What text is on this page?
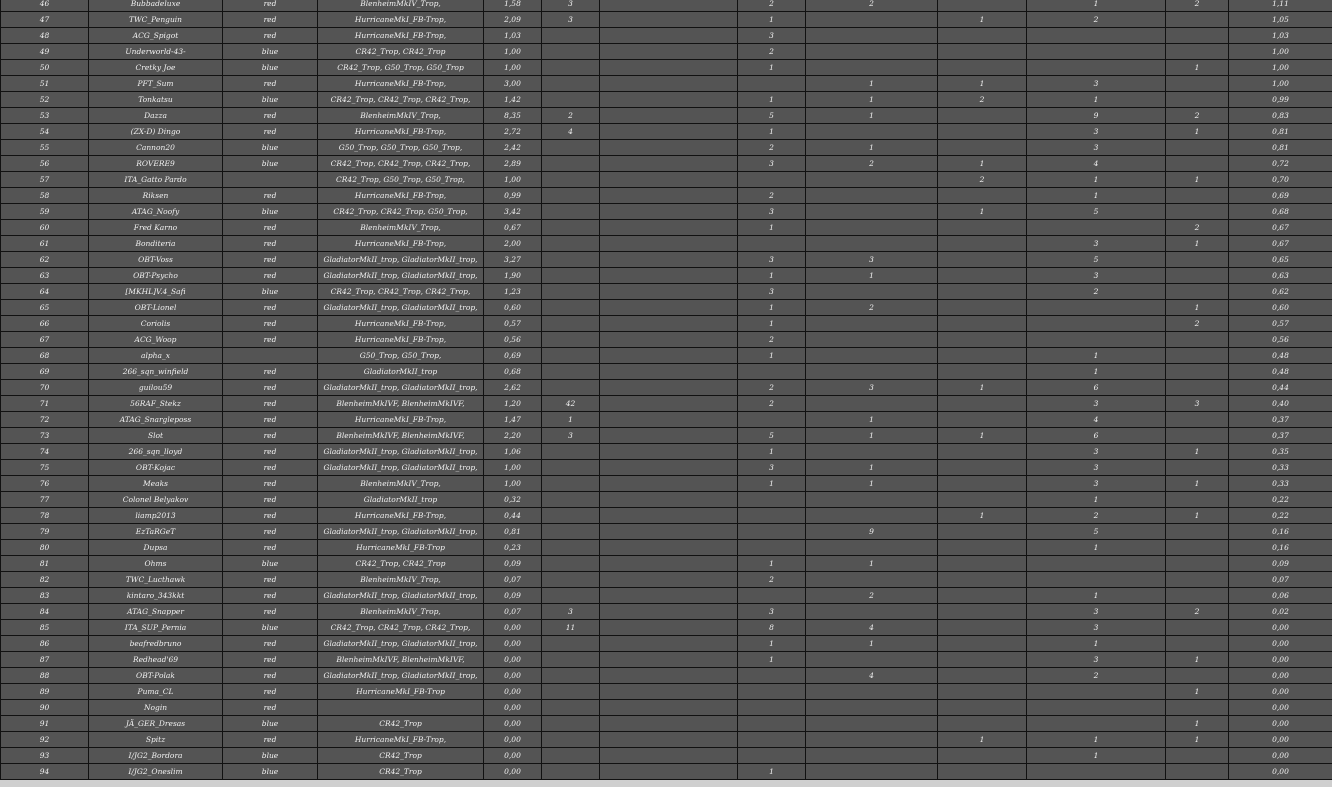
46	Bubbadeluxe	red	BlenheimMkIV_Trop,	1,58	3		2	2		1	2	1,11
47	TWC_Penguin	red	HurricaneMkI_FB-Trop,	2,09	3		1		1	2		1,05
48	ACG_Spigot	red	HurricaneMkI_FB-Trop,	1,03			3					1,03
49	Underworld-43-	blue	CR42_Trop, CR42_Trop	1,00			2					1,00
50	Cretky Joe	blue	CR42_Trop, G50_Trop, G50_Trop	1,00			1				1	1,00
51	PFT_Sum	red	HurricaneMkI_FB-Trop,	3,00				1	1	3		1,00
52	Tonkatsu	blue	CR42_Trop, CR42_Trop, CR42_Trop,	1,42			1	1	2	1		0,99
53	Dazza	red	BlenheimMkIV_Trop,	8,35	2		5	1		9	2	0,83
54	(ZX-D) Dingo	red	HurricaneMkI_FB-Trop,	2,72	4		1			3	1	0,81
55	Cannon20	blue	G50_Trop, G50_Trop, G50_Trop,	2,42			2	1		3		0,81
56	ROVERE9	blue	CR42_Trop, CR42_Trop, CR42_Trop,	2,89			3	2	1	4		0,72
57	ITA_Gatto Pardo		CR42_Trop, G50_Trop, G50_Trop,	1,00					2	1	1	0,70
58	Riksen	red	HurricaneMkI_FB-Trop,	0,99			2			1		0,69
59	ATAG_Noofy	blue	CR42_Trop, CR42_Trop, G50_Trop,	3,42			3		1	5		0,68
60	Fred Karno	red	BlenheimMkIV_Trop,	0,67			1				2	0,67
61	Bonditeria	red	HurricaneMkI_FB-Trop,	2,00						3	1	0,67
62	OBT-Voss	red	GladiatorMkII_trop, GladiatorMkII_trop,	3,27			3	3		5		0,65
63	OBT-Psycho	red	GladiatorMkII_trop, GladiatorMkII_trop,	1,90			1	1		3		0,63
64	[MKHL]V.4_Safi	blue	CR42_Trop, CR42_Trop, CR42_Trop,	1,23			3			2		0,62
65	OBT-Lionel	red	GladiatorMkII_trop, GladiatorMkII_trop,	0,60			1	2			1	0,60
66	Coriolis	red	HurricaneMkI_FB-Trop,	0,57			1				2	0,57
67	ACG_Woop	red	HurricaneMkI_FB-Trop,	0,56			2					0,56
68	alpha_x		G50_Trop, G50_Trop,	0,69			1			1		0,48
69	266_sqn_winfield	red	GladiatorMkII_trop	0,68						1		0,48
70	guilou59	red	GladiatorMkII_trop, GladiatorMkII_trop,	2,62			2	3	1	6		0,44
71	56RAF_Stekz	red	BlenheimMkIVF, BlenheimMkIVF,	1,20	42		2			3	3	0,40
72	ATAG_Snargleposs	red	HurricaneMkI_FB-Trop,	1,47	1			1		4		0,37
73	Slot	red	BlenheimMkIVF, BlenheimMkIVF,	2,20	3		5	1	1	6		0,37
74	266_sqn_lloyd	red	GladiatorMkII_trop, GladiatorMkII_trop,	1,06			1			3	1	0,35
75	OBT-Kojac	red	GladiatorMkII_trop, GladiatorMkII_trop,	1,00			3	1		3		0,33
76	Meaks	red	BlenheimMkIV_Trop,	1,00			1	1		3	1	0,33
77	Colonel Belyakov	red	GladiatorMkII_trop	0,32						1		0,22
78	liamp2013	red	HurricaneMkI_FB-Trop,	0,44					1	2	1	0,22
79	EzTaRGeT	red	GladiatorMkII_trop, GladiatorMkII_trop,	0,81				9		5		0,16
80	Dupsa	red	HurricaneMkI_FB-Trop	0,23						1		0,16
81	Ohms	blue	CR42_Trop, CR42_Trop	0,09			1	1				0,09
82	TWC_Lucthawk	red	BlenheimMkIV_Trop,	0,07			2					0,07
83	kintaro_343kkt	red	GladiatorMkII_trop, GladiatorMkII_trop,	0,09				2		1		0,06
84	ATAG_Snapper	red	BlenheimMkIV_Trop,	0,07	3		3			3	2	0,02
85	ITA_SUP_Pernia	blue	CR42_Trop, CR42_Trop, CR42_Trop,	0,00	11		8	4		3		0,00
86	beafredbruno	red	GladiatorMkII_trop, GladiatorMkII_trop,	0,00			1	1		1		0,00
87	Redhead'69	red	BlenheimMkIVF, BlenheimMkIVF,	0,00			1			3	1	0,00
88	OBT-Polak	red	GladiatorMkII_trop, GladiatorMkII_trop,	0,00				4		2		0,00
89	Puma_CL	red	HurricaneMkI_FB-Trop	0,00							1	0,00
90	Nogin	red		0,00								0,00
91	JÄ_GER_Dresas	blue	CR42_Trop	0,00							1	0,00
92	Spitz	red	HurricaneMkI_FB-Trop,	0,00					1	1	1	0,00
93	I/JG2_Bordora	blue	CR42_Trop	0,00						1		0,00
94	I/JG2_Oneslim	blue	CR42_Trop	0,00			1					0,00
